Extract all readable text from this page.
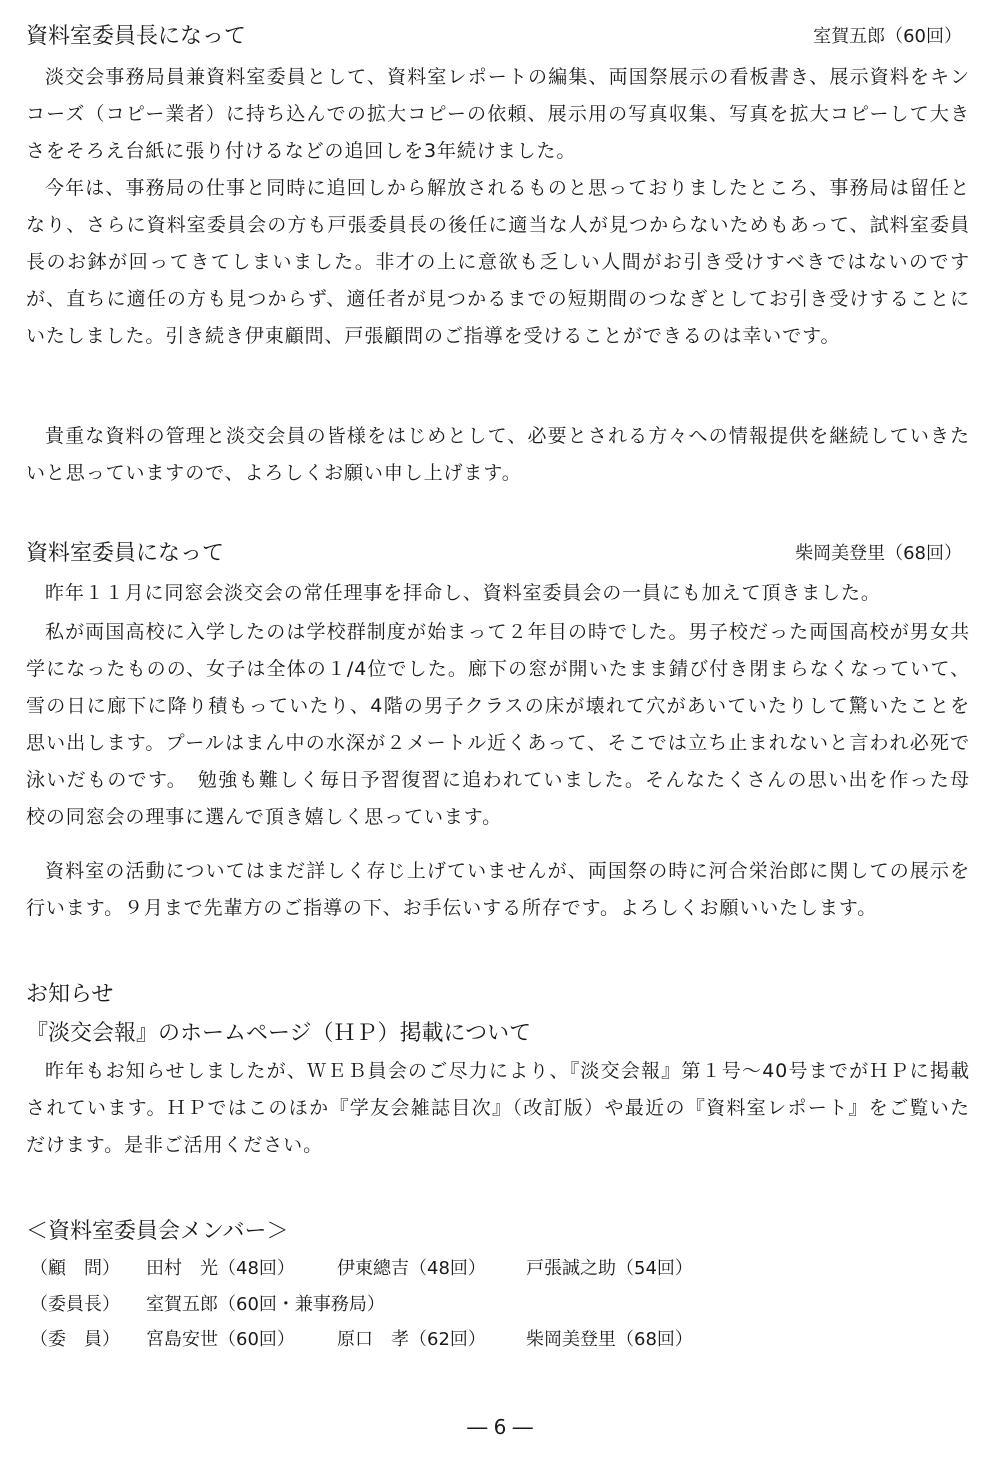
資料室委員長になって	室賀五郎（60回）

淡交会事務局員兼資料室委員として、資料室レポートの編集、両国祭展示の看板書き、展示資料をキンコーズ（コピー業者）に持ち込んでの拡大コピーの依頼、展示用の写真収集、写真を拡大コピーして大きさをそろえ台紙に張り付けるなどの追回しを3年続けました。

今年は、事務局の仕事と同時に追回しから解放されるものと思っておりましたところ、事務局は留任となり、さらに資料室委員会の方も戸張委員長の後任に適当な人が見つからないためもあって、試料室委員長のお鉢が回ってきてしまいました。非才の上に意欲も乏しい人間がお引き受けすべきではないのですが、直ちに適任の方も見つからず、適任者が見つかるまでの短期間のつなぎとしてお引き受けすることにいたしました。引き続き伊東顧問、戸張顧問のご指導を受けることができるのは幸いです。

貴重な資料の管理と淡交会員の皆様をはじめとして、必要とされる方々への情報提供を継続していきたいと思っていますので、よろしくお願い申し上げます。

資料室委員になって	柴岡美登里（68回）

昨年１１月に同窓会淡交会の常任理事を拝命し、資料室委員会の一員にも加えて頂きました。

私が両国高校に入学したのは学校群制度が始まって２年目の時でした。男子校だった両国高校が男女共学になったものの、女子は全体の１/4位でした。廊下の窓が開いたまま錆び付き閉まらなくなっていて、雪の日に廊下に降り積もっていたり、4階の男子クラスの床が壊れて穴があいていたりして驚いたことを思い出します。プールはまん中の水深が２メートル近くあって、そこでは立ち止まれないと言われ必死で泳いだものです。　勉強も難しく毎日予習復習に追われていました。そんなたくさんの思い出を作った母校の同窓会の理事に選んで頂き嬉しく思っています。

資料室の活動についてはまだ詳しく存じ上げていませんが、両国祭の時に河合栄治郎に関しての展示を行います。９月まで先輩方のご指導の下、お手伝いする所存です。よろしくお願いいたします。

お知らせ
『淡交会報』のホームページ（ＨＰ）掲載について

昨年もお知らせしましたが、ＷＥＢ員会のご尽力により、『淡交会報』第１号～40号までがＨＰに掲載されています。ＨＰではこのほか『学友会雑誌目次』（改訂版）や最近の『資料室レポート』をご覧いただけます。是非ご活用ください。

＜資料室委員会メンバー＞
（顧　問） 田村　光（48回） 伊東總吉（48回） 戸張誠之助（54回）
（委員長） 室賀五郎（60回・兼事務局）
（委　員） 宮島安世（60回） 原口　孝（62回） 柴岡美登里（68回）
― 6 ―
